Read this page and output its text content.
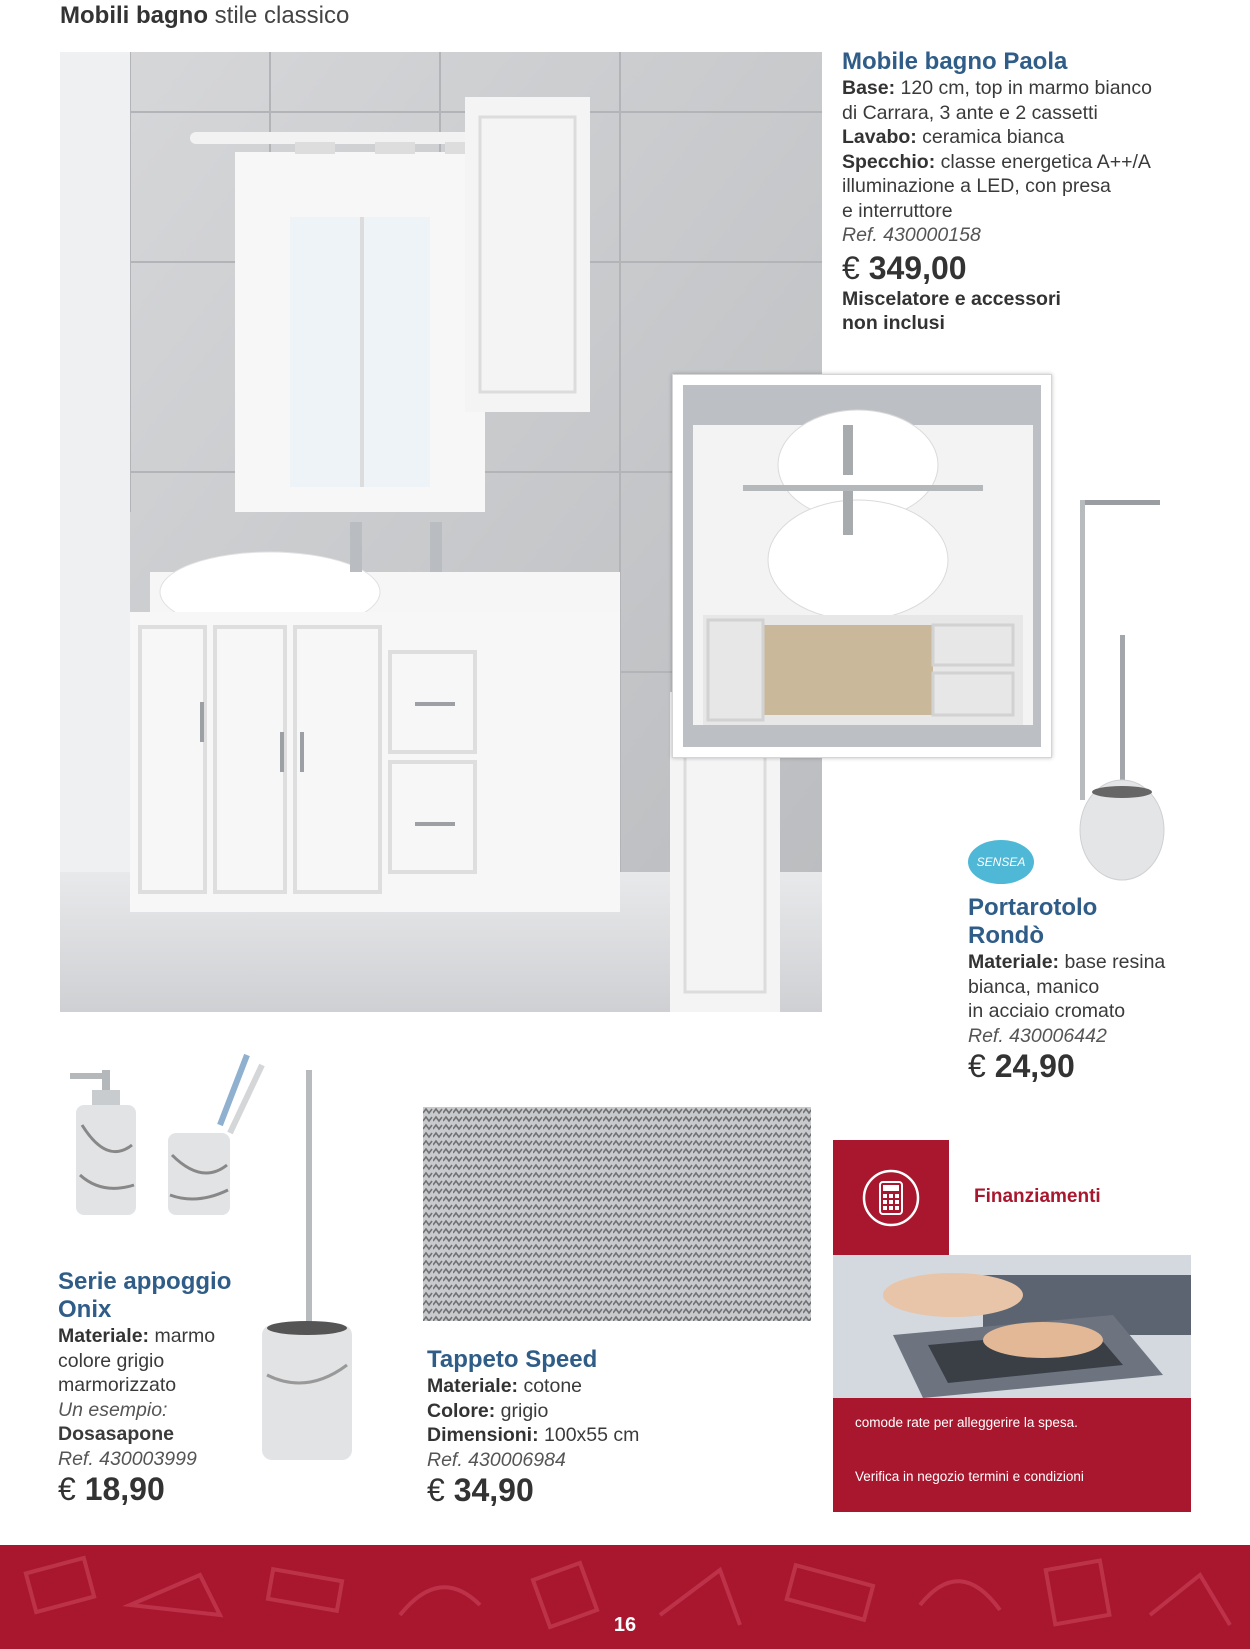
Mobili bagno stile classico
Mobile bagno Paola
Base: 120 cm, top in marmo bianco
di Carrara, 3 ante e 2 cassetti
Lavabo: ceramica bianca
Specchio: classe energetica A++/A
illuminazione a LED, con presa
e interruttore
Ref. 430000158
€ 349,00
Miscelatore e accessori
non inclusi
SENSEA
Portarotolo
Rondò
Materiale: base resina
bianca, manico
in acciaio cromato
Ref. 430006442
€ 24,90
Serie appoggio
Onix
Materiale: marmo
colore grigio
marmorizzato
Un esempio:
Dosasapone
Ref. 430003999
€ 18,90
Tappeto Speed
Materiale: cotone
Colore: grigio
Dimensioni: 100x55 cm
Ref. 430006984
€ 34,90
Finanziamenti

comode rate per alleggerire la spesa.

Verifica in negozio termini e condizioni

16
